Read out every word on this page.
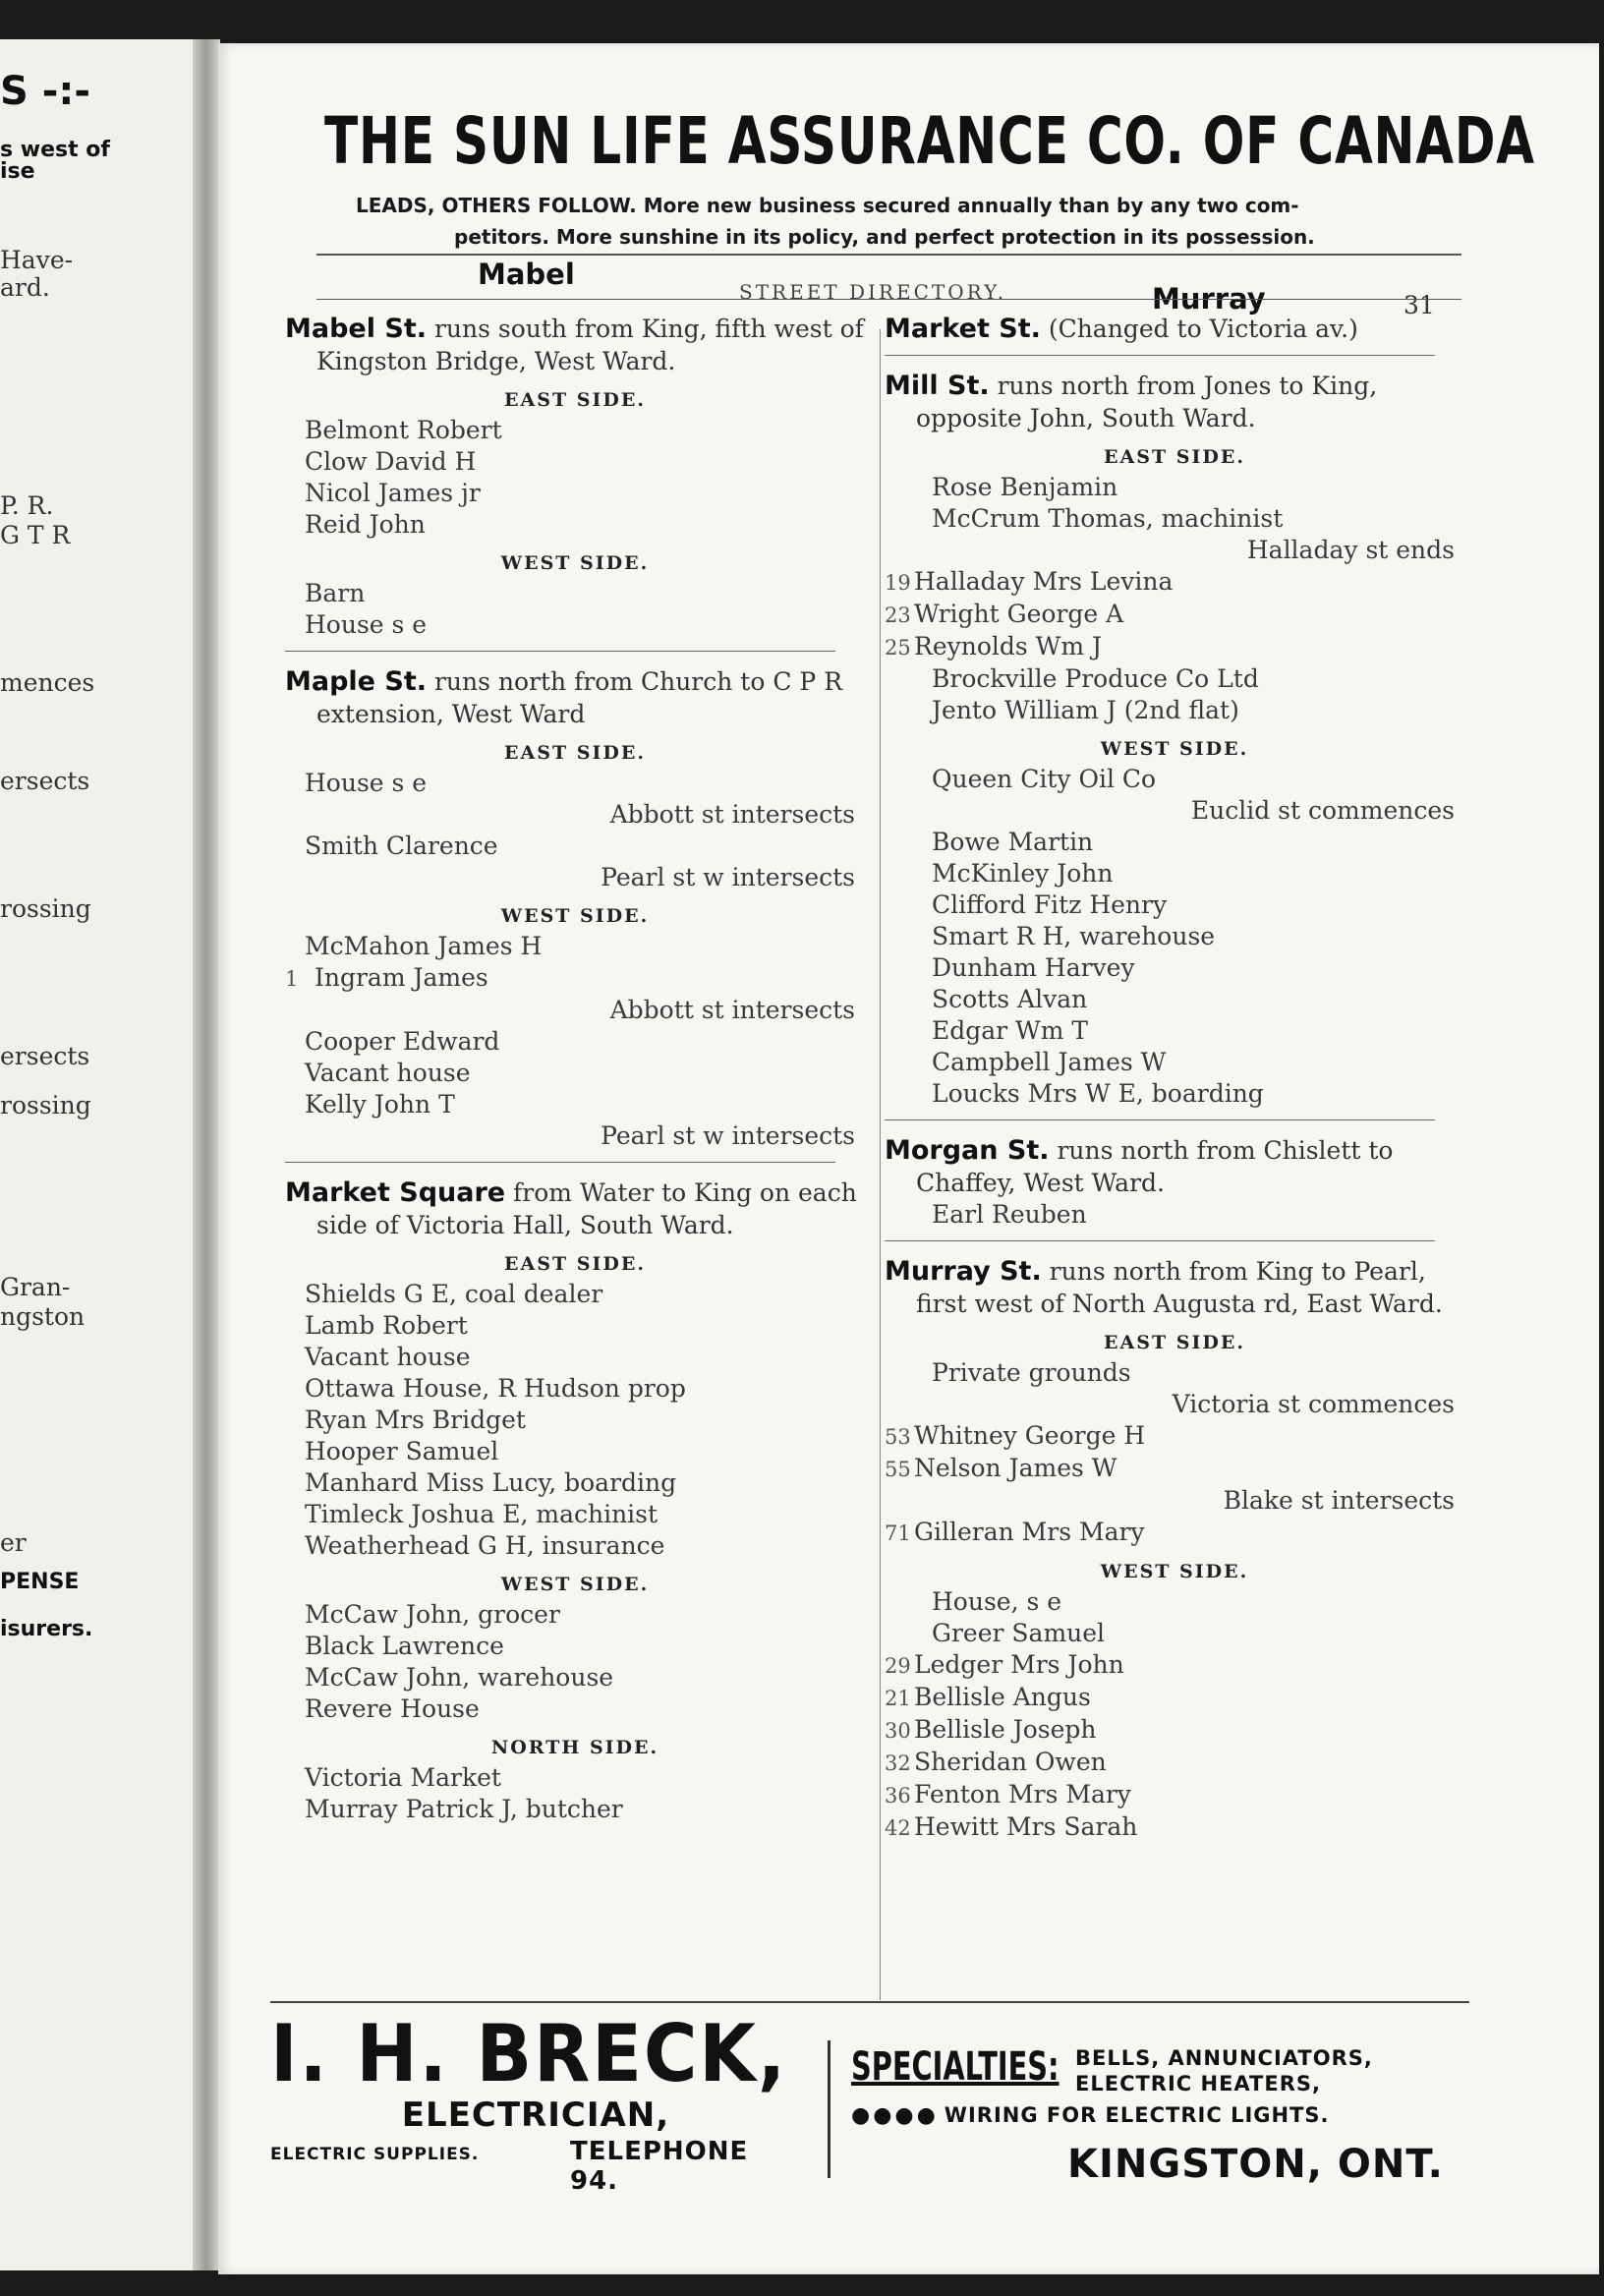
S -:-
s west of
ise
Have-
ard.
P. R.
G T R
mences
ersects
rossing
ersects
rossing
Gran-
ngston
er
PENSE
isurers.
THE SUN LIFE ASSURANCE CO. OF CANADA
LEADS, OTHERS FOLLOW. More new business secured annually than by any two com-
petitors. More sunshine in its policy, and perfect protection in its possession.
Mabel
STREET DIRECTORY.	Murray	31

Mabel St. runs south from King, fifth west of Kingston Bridge, West Ward.

EAST SIDE.
Belmont Robert
Clow David H
Nicol James jr
Reid John
WEST SIDE.
Barn
House s e

Maple St. runs north from Church to C P R extension, West Ward

EAST SIDE.
House s e
Abbott st intersects
Smith Clarence
Pearl st w intersects
WEST SIDE.
McMahon James H
1 Ingram James
Abbott st intersects
Cooper Edward
Vacant house
Kelly John T
Pearl st w intersects

Market Square from Water to King on each side of Victoria Hall, South Ward.

EAST SIDE.
Shields G E, coal dealer
Lamb Robert
Vacant house
Ottawa House, R Hudson prop
Ryan Mrs Bridget
Hooper Samuel
Manhard Miss Lucy, boarding
Timleck Joshua E, machinist
Weatherhead G H, insurance
WEST SIDE.
McCaw John, grocer
Black Lawrence
McCaw John, warehouse
Revere House
NORTH SIDE.
Victoria Market
Murray Patrick J, butcher

Market St. (Changed to Victoria av.)

Mill St. runs north from Jones to King, opposite John, South Ward.

EAST SIDE.
Rose Benjamin
McCrum Thomas, machinist
Halladay st ends
19 Halladay Mrs Levina
23 Wright George A
25 Reynolds Wm J
Brockville Produce Co Ltd
Jento William J (2nd flat)
WEST SIDE.
Queen City Oil Co
Euclid st commences
Bowe Martin
McKinley John
Clifford Fitz Henry
Smart R H, warehouse
Dunham Harvey
Scotts Alvan
Edgar Wm T
Campbell James W
Loucks Mrs W E, boarding

Morgan St. runs north from Chislett to Chaffey, West Ward.

Earl Reuben

Murray St. runs north from King to Pearl, first west of North Augusta rd, East Ward.

EAST SIDE.
Private grounds
Victoria st commences
53 Whitney George H
55 Nelson James W
Blake st intersects
71 Gilleran Mrs Mary
WEST SIDE.
House, s e
Greer Samuel
29 Ledger Mrs John
21 Bellisle Angus
30 Bellisle Joseph
32 Sheridan Owen
36 Fenton Mrs Mary
42 Hewitt Mrs Sarah
I. H. BRECK,
ELECTRICIAN,
ELECTRIC SUPPLIES.	TELEPHONE 94.
SPECIALTIES: BELLS, ANNUNCIATORS,
ELECTRIC HEATERS,
●●●● WIRING FOR ELECTRIC LIGHTS.
KINGSTON, ONT.
